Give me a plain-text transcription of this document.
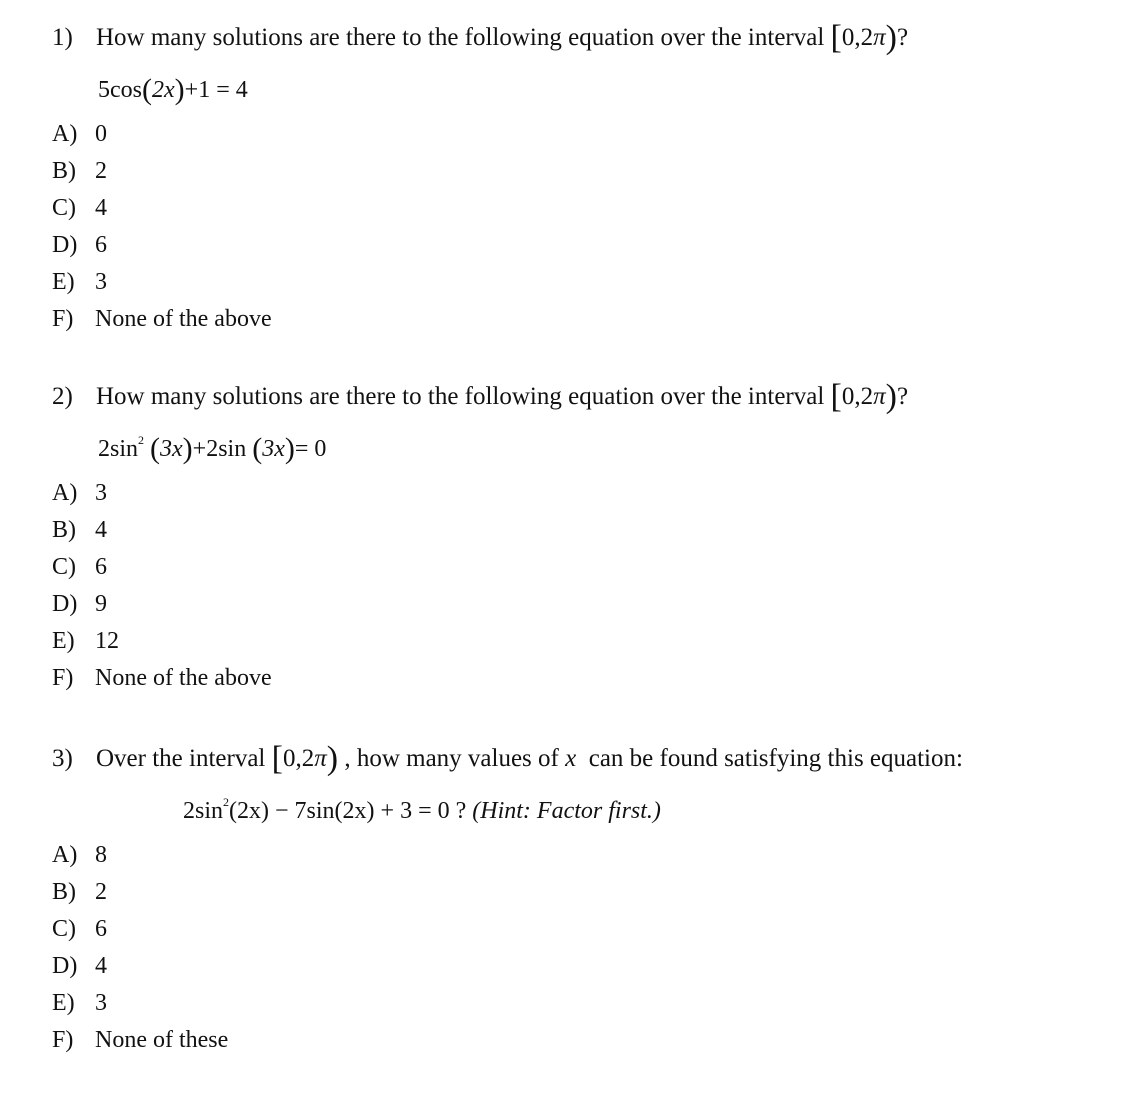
1) How many solutions are there to the following equation over the interval [0,2π)?
5cos(2x)+1 = 4
A) 0
B) 2
C) 4
D) 6
E) 3
F) None of the above
2) How many solutions are there to the following equation over the interval [0,2π)?
$2\sin^2$ (3x)+2sin (3x)= 0
A) 3
B) 4
C) 6
D) 9
E) 12
F) None of the above
3) Over the interval [0,2π) , how many values of x can be found satisfying this equation:
$2\sin^2(2x) - 7\sin(2x) + 3 = 0$ ? (Hint: Factor first.)
A) 8
B) 2
C) 6
D) 4
E) 3
F) None of these
